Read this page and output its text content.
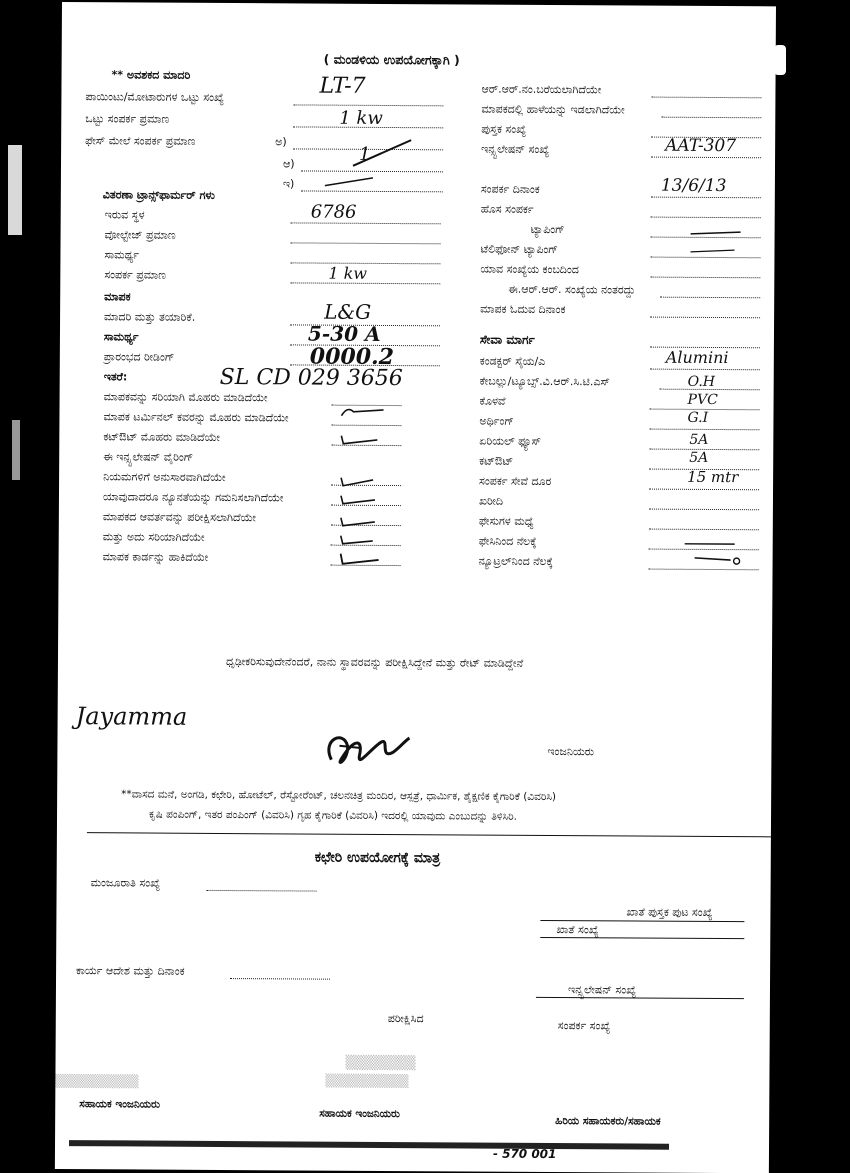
( ಮಂಡಳಿಯ ಉಪಯೋಗಕ್ಕಾಗಿ )
** ಅವಶಕದ ಮಾದರಿ
ಪಾಯಿಂಟು/ಮೋಟಾರುಗಳ ಒಟ್ಟು ಸಂಖ್ಯೆ	LT-7
ಒಟ್ಟು ಸಂಪರ್ಕ ಪ್ರಮಾಣ	1 kw
ಫೇಸ್ ಮೇಲೆ ಸಂಪರ್ಕ ಪ್ರಮಾಣ	ಅ)
ಆ)	1
ಇ)
ವಿತರಣಾ ಟ್ರಾನ್ಸ್‌ಫಾರ್ಮರ್ ಗಳು
ಇರುವ ಸ್ಥಳ	6786
ವೋಲ್ಟೇಜ್ ಪ್ರಮಾಣ
ಸಾಮರ್ಥ್ಯ
ಸಂಪರ್ಕ ಪ್ರಮಾಣ	1 kw
ಮಾಪಕ
ಮಾದರಿ ಮತ್ತು ತಯಾರಿಕೆ.	L&G
ಸಾಮರ್ಥ್ಯ	5-30 A
ಪ್ರಾರಂಭದ ರೀಡಿಂಗ್	0000.2
ಇತರೆ:	SL CD 029 3656
ಮಾಪಕವನ್ನು ಸರಿಯಾಗಿ ಮೊಹರು ಮಾಡಿದೆಯೇ
ಮಾಪಕ ಟರ್ಮಿನಲ್ ಕವರನ್ನು ಮೊಹರು ಮಾಡಿದೆಯೇ
ಕಟ್‌ಔಟ್ ಮೊಹರು ಮಾಡಿದೆಯೇ
ಈ ಇನ್ಸ್ಟಲೇಷನ್ ವೈರಿಂಗ್
ನಿಯಮಗಳಿಗೆ ಅನುಸಾರವಾಗಿದೆಯೇ
ಯಾವುದಾದರೂ ನ್ಯೂನತೆಯನ್ನು ಗಮನಿಸಲಾಗಿದೆಯೇ
ಮಾಪಕದ ಆವರ್ತವನ್ನು ಪರೀಕ್ಷಿಸಲಾಗಿದೆಯೇ
ಮತ್ತು ಅದು ಸರಿಯಾಗಿದೆಯೇ
ಮಾಪಕ ಕಾರ್ಡನ್ನು ಹಾಕಿದೆಯೇ
ಆರ್.ಆರ್.ನಂ.ಬರೆಯಲಾಗಿದೆಯೇ
ಮಾಪಕದಲ್ಲಿ ಹಾಳೆಯನ್ನು ಇಡಲಾಗಿದೆಯೇ
ಪುಸ್ತಕ ಸಂಖ್ಯೆ
ಇನ್ಸ್ಟಲೇಷನ್ ಸಂಖ್ಯೆ	AAT-307
ಸಂಪರ್ಕ ದಿನಾಂಕ	13/6/13
ಹೊಸ ಸಂಪರ್ಕ
ಟ್ಯಾಪಿಂಗ್
ಟೆಲಿಫೋನ್ ಟ್ಯಾಪಿಂಗ್
ಯಾವ ಸಂಖ್ಯೆಯ ಕಂಬದಿಂದ
ಈ.ಆರ್.ಆರ್. ಸಂಖ್ಯೆಯ ನಂತರದ್ದು
ಮಾಪಕ ಓದುವ ದಿನಾಂಕ
ಸೇವಾ ಮಾರ್ಗ
ಕಂಡಕ್ಟರ್ ಸೈಯ/ಎ	Alumini
ಕೇಬಲ್ಲು/ಟ್ಯೂಬ್ಸ್.ವಿ.ಆರ್.ಸಿ.ಟಿ.ಎಸ್	O.H
ಕೊಳವೆ	PVC
ಅರ್ಥಿಂಗ್	G.I
ಏರಿಯಲ್ ಫ್ಯೂಸ್	5A
ಕಟ್‌ಔಟ್	5A
ಸಂಪರ್ಕ ಸೇವೆ ದೂರ	15 mtr
ಖರೀದಿ
ಫೇಸುಗಳ ಮಧ್ಯೆ
ಫೇಸಿನಿಂದ ನೆಲಕ್ಕೆ
ನ್ಯೂಟ್ರಲ್‌ನಿಂದ ನೆಲಕ್ಕೆ
ಧೃಢೀಕರಿಸುವುದೇನೆಂದರೆ, ನಾನು ಸ್ಥಾವರವನ್ನು ಪರೀಕ್ಷಿಸಿದ್ದೇನೆ ಮತ್ತು ರೇಟ್ ಮಾಡಿದ್ದೇನೆ
Jayamma
ಇಂಜನಿಯರು
**ವಾಸದ ಮನೆ, ಅಂಗಡಿ, ಕಛೇರಿ, ಹೋಟೆಲ್, ರೆಸ್ಟೋರೆಂಟ್, ಚಲನಚಿತ್ರ ಮಂದಿರ, ಆಸ್ಪತ್ರೆ, ಧಾರ್ಮಿಕ, ಶೈಕ್ಷಣಿಕ ಕೈಗಾರಿಕೆ (ವಿವರಿಸಿ)
ಕೃಷಿ ಪಂಪಿಂಗ್, ಇತರ ಪಂಪಿಂಗ್ (ವಿವರಿಸಿ) ಗೃಹ ಕೈಗಾರಿಕೆ (ವಿವರಿಸಿ) ಇದರಲ್ಲಿ ಯಾವುದು ಎಂಬುದನ್ನು ತಿಳಿಸಿರಿ.
ಕಛೇರಿ ಉಪಯೋಗಕ್ಕೆ ಮಾತ್ರ
ಮಂಜೂರಾತಿ ಸಂಖ್ಯೆ
ಖಾತೆ ಪುಸ್ತಕ ಪುಟ ಸಂಖ್ಯೆ
ಖಾತೆ ಸಂಖ್ಯೆ
ಕಾರ್ಯ ಆದೇಶ ಮತ್ತು ದಿನಾಂಕ
ಇನ್ಸ್ಟಲೇಷನ್ ಸಂಖ್ಯೆ
ಪರೀಕ್ಷಿಸಿದ
ಸಂಪರ್ಕ ಸಂಖ್ಯೆ
▒▒▒▒▒▒▒
▒▒▒▒▒▒▒▒▒
▒▒▒▒▒▒▒▒▒
ಸಹಾಯಕ ಇಂಜನಿಯರು
ಸಹಾಯಕ ಇಂಜನಿಯರು
ಹಿರಿಯ ಸಹಾಯಕರು/ಸಹಾಯಕ
- 570 001
